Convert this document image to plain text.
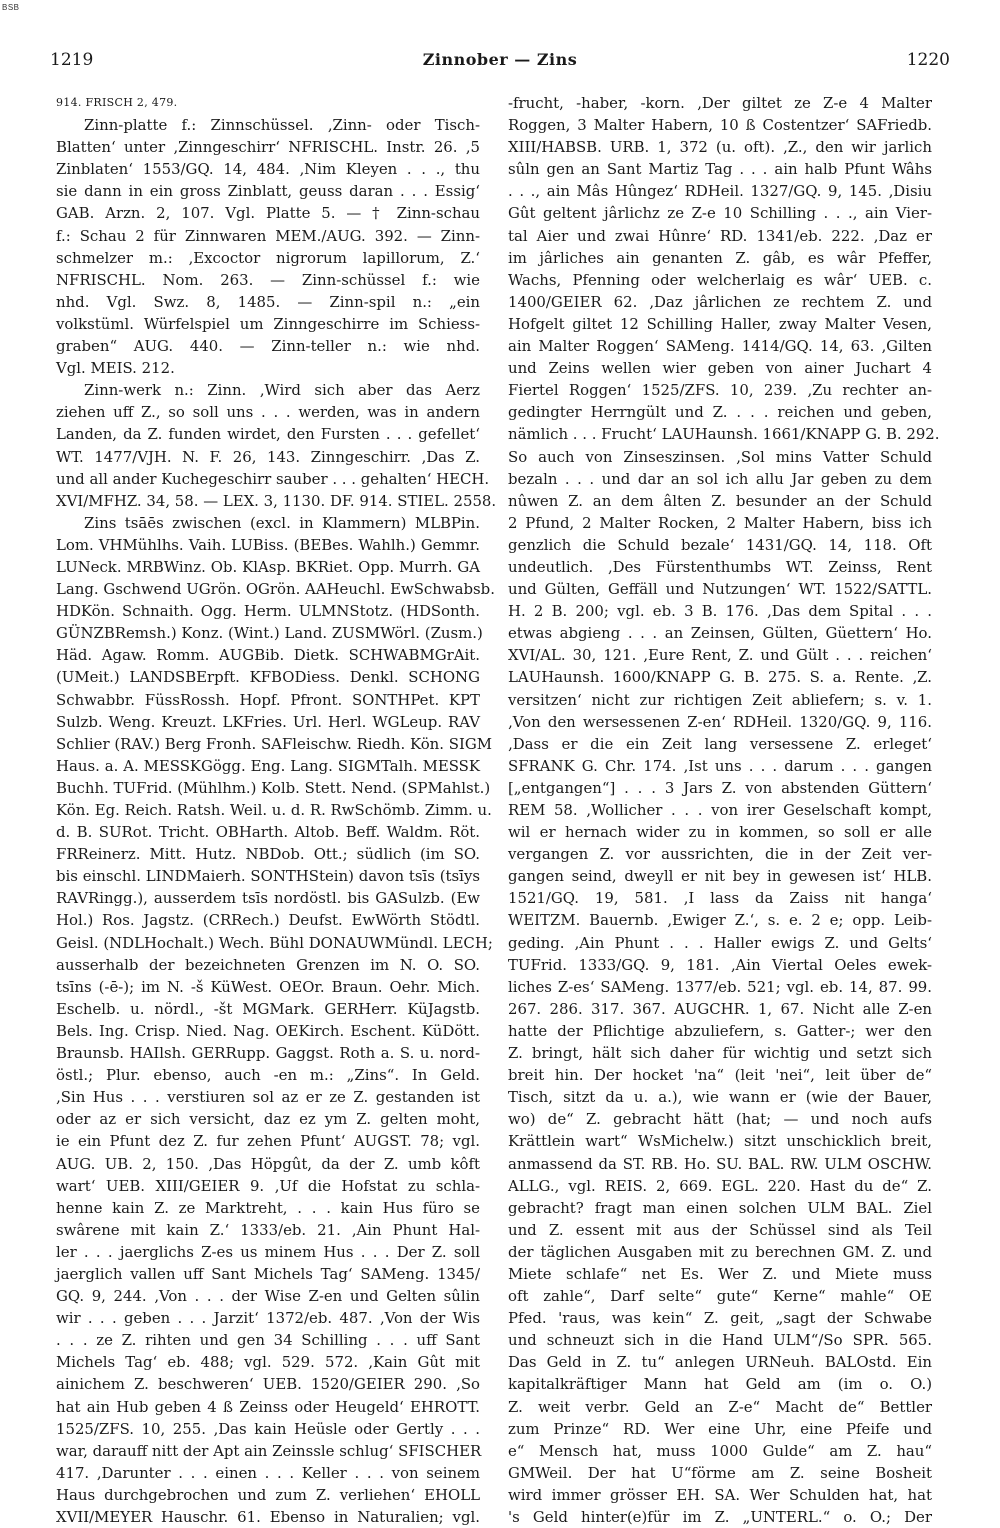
BSB
1219	Zinnober — Zins	1220

914. FRISCH 2, 479.

Zinn-platte f.: Zinnschüssel. ‚Zinn- oder Tisch-

Blatten‘ unter ‚Zinngeschirr‘ NFRISCHL. Instr. 26. ‚5

Zinblaten‘ 1553/GQ. 14, 484. ‚Nim Kleyen . . ., thu

sie dann in ein gross Zinblatt, geuss daran . . . Essig‘

GAB. Arzn. 2, 107. Vgl. Platte 5. — † Zinn-schau

f.: Schau 2 für Zinnwaren MEM./AUG. 392. — Zinn-

schmelzer m.: ‚Excoctor nigrorum lapillorum, Z.‘

NFRISCHL. Nom. 263. — Zinn-schüssel f.: wie

nhd. Vgl. Swz. 8, 1485. — Zinn-spil n.: „ein

volkstüml. Würfelspiel um Zinngeschirre im Schiess-

graben“ AUG. 440. — Zinn-teller n.: wie nhd.

Vgl. MEIS. 212.

Zinn-werk n.: Zinn. ‚Wird sich aber das Aerz

ziehen uff Z., so soll uns . . . werden, was in andern

Landen, da Z. funden wirdet, den Fursten . . . gefellet‘

WT. 1477/VJH. N. F. 26, 143. Zinngeschirr. ‚Das Z.

und all ander Kuchegeschirr sauber . . . gehalten‘ HECH.

XVI/MFHZ. 34, 58. — LEX. 3, 1130. DF. 914. STIEL. 2558.

Zins tsāēs zwischen (excl. in Klammern) MLBPin.

Lom. VHMühlhs. Vaih. LUBiss. (BEBes. Wahlh.) Gemmr.

LUNeck. MRBWinz. Ob. KlAsp. BKRiet. Opp. Murrh. GA

Lang. Gschwend UGrön. OGrön. AAHeuchl. EwSchwabsb.

HDKön. Schnaith. Ogg. Herm. ULMNStotz. (HDSonth.

GÜNZBRemsh.) Konz. (Wint.) Land. ZUSMWörl. (Zusm.)

Häd. Agaw. Romm. AUGBib. Dietk. SCHWABMGrAit.

(UMeit.) LANDSBErpft. KFBODiess. Denkl. SCHONG

Schwabbr. FüssRossh. Hopf. Pfront. SONTHPet. KPT

Sulzb. Weng. Kreuzt. LKFries. Url. Herl. WGLeup. RAV

Schlier (RAV.) Berg Fronh. SAFleischw. Riedh. Kön. SIGM

Haus. a. A. MESSKGögg. Eng. Lang. SIGMTalh. MESSK

Buchh. TUFrid. (Mühlhm.) Kolb. Stett. Nend. (SPMahlst.)

Kön. Eg. Reich. Ratsh. Weil. u. d. R. RwSchömb. Zimm. u.

d. B. SURot. Tricht. OBHarth. Altob. Beff. Waldm. Röt.

FRReinerz. Mitt. Hutz. NBDob. Ott.; südlich (im SO.

bis einschl. LINDMaierh. SONTHStein) davon tsīs (tsīys

RAVRingg.), ausserdem tsīs nordöstl. bis GASulzb. (Ew

Hol.) Ros. Jagstz. (CRRech.) Deufst. EwWörth Stödtl.

Geisl. (NDLHochalt.) Wech. Bühl DONAUWMündl. LECH;

ausserhalb der bezeichneten Grenzen im N. O. SO.

tsīns (-ē-); im N. -š KüWest. OEOr. Braun. Oehr. Mich.

Eschelb. u. nördl., -št MGMark. GERHerr. KüJagstb.

Bels. Ing. Crisp. Nied. Nag. OEKirch. Eschent. KüDött.

Braunsb. HAIlsh. GERRupp. Gaggst. Roth a. S. u. nord-

östl.; Plur. ebenso, auch -en m.: „Zins“. In Geld.

‚Sin Hus . . . verstiuren sol az er ze Z. gestanden ist

oder az er sich versicht, daz ez ym Z. gelten moht,

ie ein Pfunt dez Z. fur zehen Pfunt‘ AUGST. 78; vgl.

AUG. UB. 2, 150. ‚Das Höpgût, da der Z. umb kôft

wart‘ UEB. XIII/GEIER 9. ‚Uf die Hofstat zu schla-

henne kain Z. ze Marktreht, . . . kain Hus füro se

swârene mit kain Z.‘ 1333/eb. 21. ‚Ain Phunt Hal-

ler . . . jaerglichs Z-es us minem Hus . . . Der Z. soll

jaerglich vallen uff Sant Michels Tag‘ SAMeng. 1345/

GQ. 9, 244. ‚Von . . . der Wise Z-en und Gelten sûlin

wir . . . geben . . . Jarzit‘ 1372/eb. 487. ‚Von der Wis

. . . ze Z. rihten und gen 34 Schilling . . . uff Sant

Michels Tag‘ eb. 488; vgl. 529. 572. ‚Kain Gût mit

ainichem Z. beschweren‘ UEB. 1520/GEIER 290. ‚So

hat ain Hub geben 4 ß Zeinss oder Heugeld‘ EHROTT.

1525/ZFS. 10, 255. ‚Das kain Heüsle oder Gertly . . .

war, darauff nitt der Apt ain Zeinssle schlug‘ SFISCHER

417. ‚Darunter . . . einen . . . Keller . . . von seinem

Haus durchgebrochen und zum Z. verliehen‘ EHOLL

XVII/MEYER Hauschr. 61. Ebenso in Naturalien; vgl.

-frucht, -haber, -korn. ‚Der giltet ze Z-e 4 Malter

Roggen, 3 Malter Habern, 10 ß Costentzer‘ SAFriedb.

XIII/HABSB. URB. 1, 372 (u. oft). ‚Z., den wir jarlich

sûln gen an Sant Martiz Tag . . . ain halb Pfunt Wâhs

. . ., ain Mâs Hûngez‘ RDHeil. 1327/GQ. 9, 145. ‚Disiu

Gût geltent jârlichz ze Z-e 10 Schilling . . ., ain Vier-

tal Aier und zwai Hûnre‘ RD. 1341/eb. 222. ‚Daz er

im jârliches ain genanten Z. gâb, es wâr Pfeffer,

Wachs, Pfenning oder welcherlaig es wâr‘ UEB. c.

1400/GEIER 62. ‚Daz jârlichen ze rechtem Z. und

Hofgelt giltet 12 Schilling Haller, zway Malter Vesen,

ain Malter Roggen‘ SAMeng. 1414/GQ. 14, 63. ‚Gilten

und Zeins wellen wier geben von ainer Juchart 4

Fiertel Roggen‘ 1525/ZFS. 10, 239. ‚Zu rechter an-

gedingter Herrngült und Z. . . . reichen und geben,

nämlich . . . Frucht‘ LAUHaunsh. 1661/KNAPP G. B. 292.

So auch von Zinseszinsen. ‚Sol mins Vatter Schuld

bezaln . . . und dar an sol ich allu Jar geben zu dem

nûwen Z. an dem âlten Z. besunder an der Schuld

2 Pfund, 2 Malter Rocken, 2 Malter Habern, biss ich

genzlich die Schuld bezale‘ 1431/GQ. 14, 118. Oft

undeutlich. ‚Des Fürstenthumbs WT. Zeinss, Rent

und Gülten, Geffäll und Nutzungen‘ WT. 1522/SATTL.

H. 2 B. 200; vgl. eb. 3 B. 176. ‚Das dem Spital . . .

etwas abgieng . . . an Zeinsen, Gülten, Güettern‘ Ho.

XVI/AL. 30, 121. ‚Eure Rent, Z. und Gült . . . reichen‘

LAUHaunsh. 1600/KNAPP G. B. 275. S. a. Rente. ‚Z.

versitzen‘ nicht zur richtigen Zeit abliefern; s. v. 1.

‚Von den wersessenen Z-en‘ RDHeil. 1320/GQ. 9, 116.

‚Dass er die ein Zeit lang versessene Z. erleget‘

SFRANK G. Chr. 174. ‚Ist uns . . . darum . . . gangen

[„entgangen“] . . . 3 Jars Z. von abstenden Güttern‘

REM 58. ‚Wollicher . . . von irer Geselschaft kompt,

wil er hernach wider zu in kommen, so soll er alle

vergangen Z. vor aussrichten, die in der Zeit ver-

gangen seind, dweyll er nit bey in gewesen ist‘ HLB.

1521/GQ. 19, 581. ‚I lass da Zaiss nit hanga‘

WEITZM. Bauernb. ‚Ewiger Z.‘, s. e. 2 e; opp. Leib-

geding. ‚Ain Phunt . . . Haller ewigs Z. und Gelts‘

TUFrid. 1333/GQ. 9, 181. ‚Ain Viertal Oeles ewek-

liches Z-es‘ SAMeng. 1377/eb. 521; vgl. eb. 14, 87. 99.

267. 286. 317. 367. AUGCHR. 1, 67. Nicht alle Z-en

hatte der Pflichtige abzuliefern, s. Gatter-; wer den

Z. bringt, hält sich daher für wichtig und setzt sich

breit hin. Der hocket 'na“ (leit 'nei“, leit über de“

Tisch, sitzt da u. a.), wie wann er (wie der Bauer,

wo) de“ Z. gebracht hätt (hat; — und noch aufs

Krättlein wart“ WsMichelw.) sitzt unschicklich breit,

anmassend da ST. RB. Ho. SU. BAL. RW. ULM OSCHW.

ALLG., vgl. REIS. 2, 669. EGL. 220. Hast du de“ Z.

gebracht? fragt man einen solchen ULM BAL. Ziel

und Z. essent mit aus der Schüssel sind als Teil

der täglichen Ausgaben mit zu berechnen GM. Z. und

Miete schlafe“ net Es. Wer Z. und Miete muss

oft zahle“, Darf selte“ gute“ Kerne“ mahle“ OE

Pfed. 'raus, was kein“ Z. geit, „sagt der Schwabe

und schneuzt sich in die Hand ULM“/So SPR. 565.

Das Geld in Z. tu“ anlegen URNeuh. BALOstd. Ein

kapitalkräftiger Mann hat Geld am (im o. O.)

Z. weit verbr. Geld an Z-e“ Macht de“ Bettler

zum Prinze“ RD. Wer eine Uhr, eine Pfeife und

e“ Mensch hat, muss 1000 Gulde“ am Z. hau“

GMWeil. Der hat U“förme am Z. seine Bosheit

wird immer grösser EH. SA. Wer Schulden hat, hat

's Geld hinter(e)für im Z. „UNTERL.“ o. O.; Der
